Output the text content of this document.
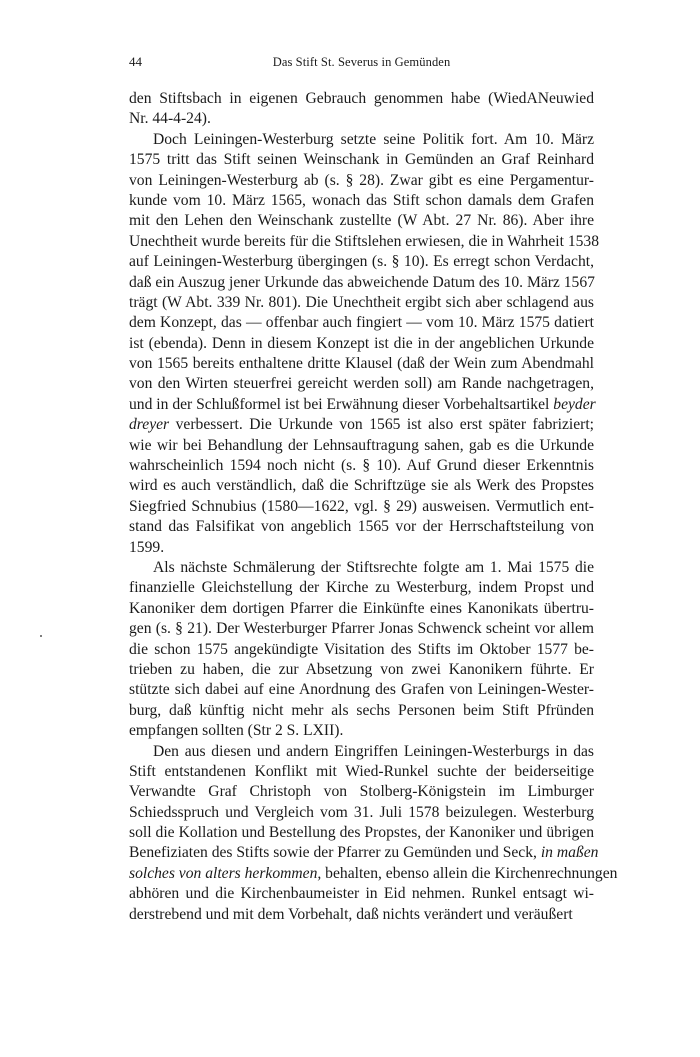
44	Das Stift St. Severus in Gemünden
den Stiftsbach in eigenen Gebrauch genommen habe (WiedANeuwied
Nr. 44-4-24).
Doch Leiningen-Westerburg setzte seine Politik fort. Am 10. März
1575 tritt das Stift seinen Weinschank in Gemünden an Graf Reinhard
von Leiningen-Westerburg ab (s. § 28). Zwar gibt es eine Pergamentur-
kunde vom 10. März 1565, wonach das Stift schon damals dem Grafen
mit den Lehen den Weinschank zustellte (W Abt. 27 Nr. 86). Aber ihre
Unechtheit wurde bereits für die Stiftslehen erwiesen, die in Wahrheit 1538
auf Leiningen-Westerburg übergingen (s. § 10). Es erregt schon Verdacht,
daß ein Auszug jener Urkunde das abweichende Datum des 10. März 1567
trägt (W Abt. 339 Nr. 801). Die Unechtheit ergibt sich aber schlagend aus
dem Konzept, das — offenbar auch fingiert — vom 10. März 1575 datiert
ist (ebenda). Denn in diesem Konzept ist die in der angeblichen Urkunde
von 1565 bereits enthaltene dritte Klausel (daß der Wein zum Abendmahl
von den Wirten steuerfrei gereicht werden soll) am Rande nachgetragen,
und in der Schlußformel ist bei Erwähnung dieser Vorbehaltsartikel beyder
dreyer verbessert. Die Urkunde von 1565 ist also erst später fabriziert;
wie wir bei Behandlung der Lehnsauftragung sahen, gab es die Urkunde
wahrscheinlich 1594 noch nicht (s. § 10). Auf Grund dieser Erkenntnis
wird es auch verständlich, daß die Schriftzüge sie als Werk des Propstes
Siegfried Schnubius (1580—1622, vgl. § 29) ausweisen. Vermutlich ent-
stand das Falsifikat von angeblich 1565 vor der Herrschaftsteilung von
1599.
Als nächste Schmälerung der Stiftsrechte folgte am 1. Mai 1575 die
finanzielle Gleichstellung der Kirche zu Westerburg, indem Propst und
Kanoniker dem dortigen Pfarrer die Einkünfte eines Kanonikats übertru-
gen (s. § 21). Der Westerburger Pfarrer Jonas Schwenck scheint vor allem
die schon 1575 angekündigte Visitation des Stifts im Oktober 1577 be-
trieben zu haben, die zur Absetzung von zwei Kanonikern führte. Er
stützte sich dabei auf eine Anordnung des Grafen von Leiningen-Wester-
burg, daß künftig nicht mehr als sechs Personen beim Stift Pfründen
empfangen sollten (Str 2 S. LXII).
Den aus diesen und andern Eingriffen Leiningen-Westerburgs in das
Stift entstandenen Konflikt mit Wied-Runkel suchte der beiderseitige
Verwandte Graf Christoph von Stolberg-Königstein im Limburger
Schiedsspruch und Vergleich vom 31. Juli 1578 beizulegen. Westerburg
soll die Kollation und Bestellung des Propstes, der Kanoniker und übrigen
Benefiziaten des Stifts sowie der Pfarrer zu Gemünden und Seck, in maßen
solches von alters herkommen, behalten, ebenso allein die Kirchenrechnungen
abhören und die Kirchenbaumeister in Eid nehmen. Runkel entsagt wi-
derstrebend und mit dem Vorbehalt, daß nichts verändert und veräußert
